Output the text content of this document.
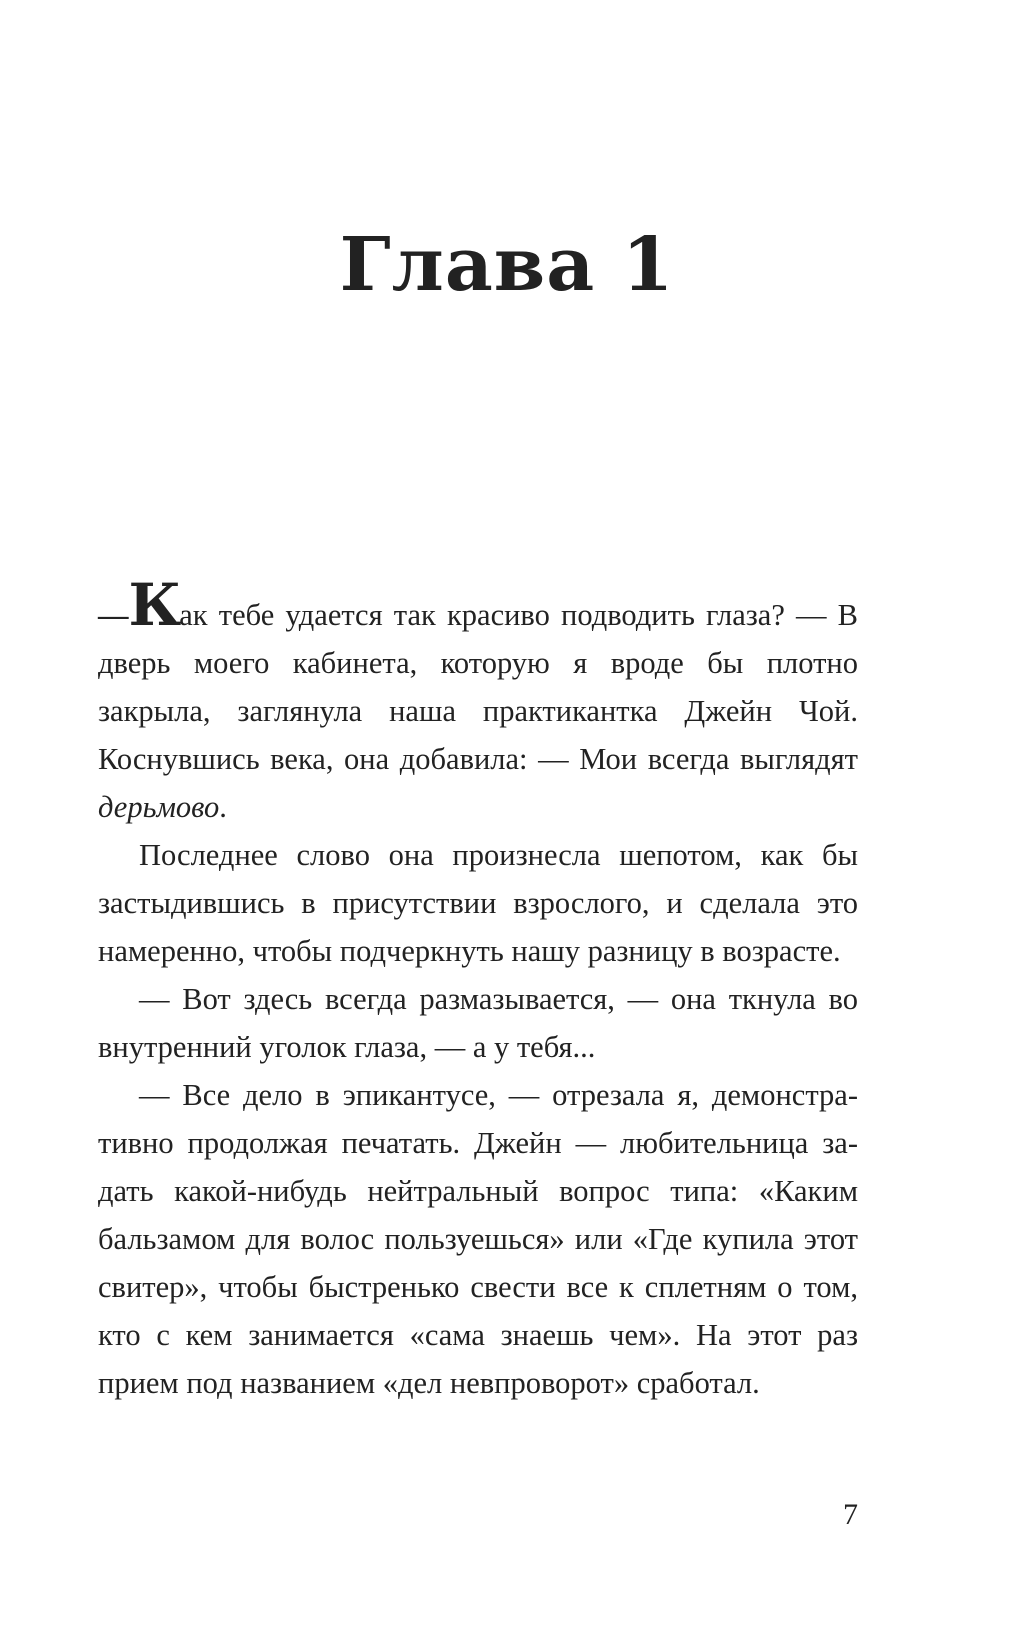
Глава 1

—Как тебе удается так красиво подводить глаза? — В дверь моего кабинета, которую я вроде бы плотно закрыла, заглянула наша практикантка Джейн Чой. Коснувшись века, она добавила: — Мои всегда выглядят дерьмово.

Последнее слово она произнесла шепотом, как бы застыдившись в присутствии взрослого, и сделала это намеренно, чтобы подчеркнуть нашу разницу в возрасте.

— Вот здесь всегда размазывается, — она ткнула во внутренний уголок глаза, — а у тебя...

— Все дело в эпикантусе, — отрезала я, демонстративно продолжая печатать. Джейн — любительница задать какой-нибудь нейтральный вопрос типа: «Каким бальзамом для волос пользуешься» или «Где купила этот свитер», чтобы быстренько свести все к сплетням о том, кто с кем занимается «сама знаешь чем». На этот раз прием под названием «дел невпроворот» сработал.

7
